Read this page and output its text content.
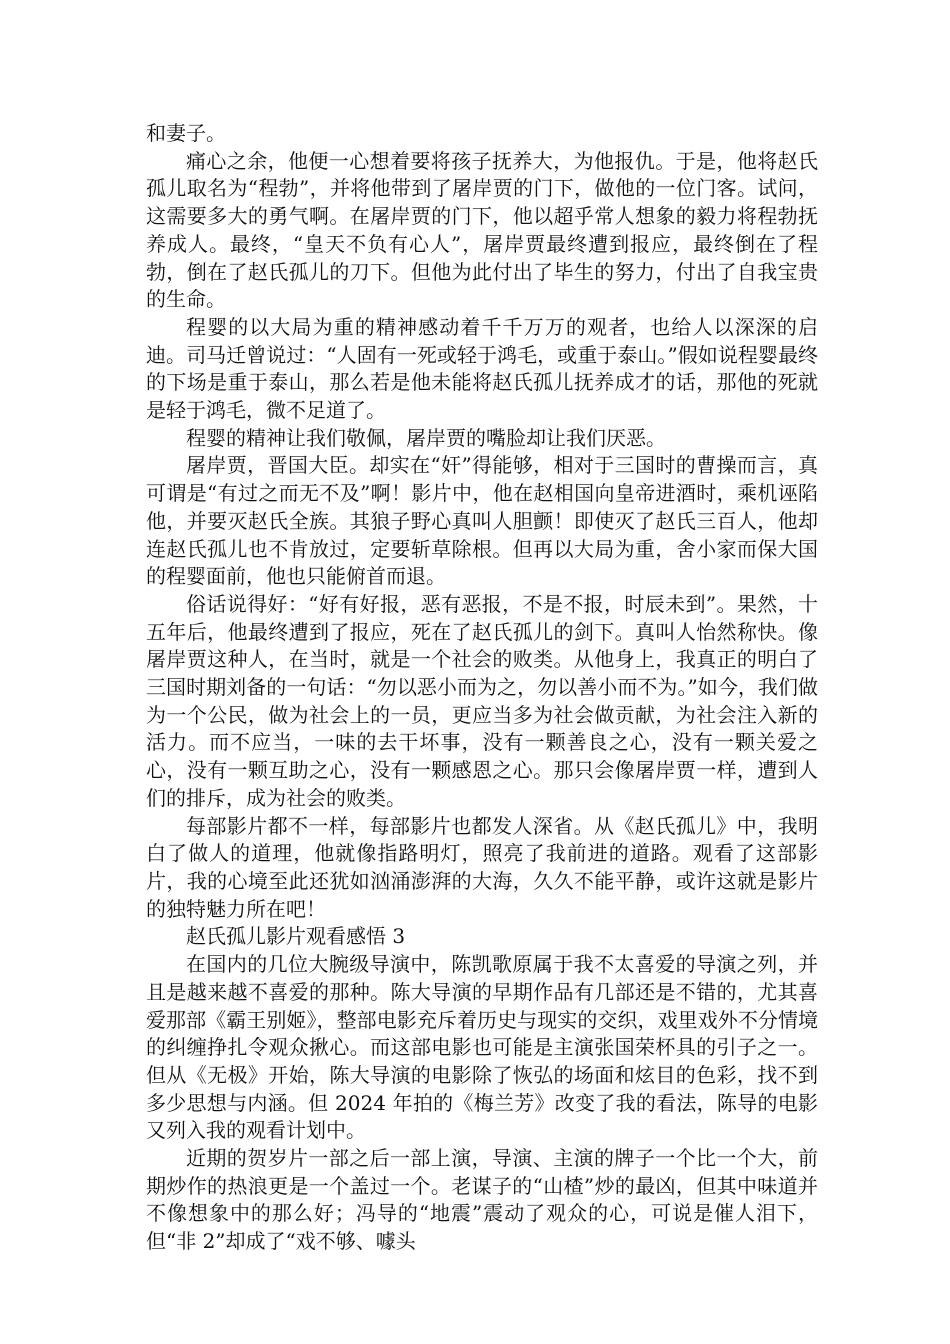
和妻子。

痛心之余，他便一心想着要将孩子抚养大，为他报仇。于是，他将赵氏孤儿取名为“程勃”，并将他带到了屠岸贾的门下，做他的一位门客。试问，这需要多大的勇气啊。在屠岸贾的门下，他以超乎常人想象的毅力将程勃抚养成人。最终，“皇天不负有心人”，屠岸贾最终遭到报应，最终倒在了程勃，倒在了赵氏孤儿的刀下。但他为此付出了毕生的努力，付出了自我宝贵的生命。

程婴的以大局为重的精神感动着千千万万的观者，也给人以深深的启迪。司马迁曾说过：“人固有一死或轻于鸿毛，或重于泰山。”假如说程婴最终的下场是重于泰山，那么若是他未能将赵氏孤儿抚养成才的话，那他的死就是轻于鸿毛，微不足道了。

程婴的精神让我们敬佩，屠岸贾的嘴脸却让我们厌恶。

屠岸贾，晋国大臣。却实在“奸”得能够，相对于三国时的曹操而言，真可谓是“有过之而无不及”啊！影片中，他在赵相国向皇帝进酒时，乘机诬陷他，并要灭赵氏全族。其狼子野心真叫人胆颤！即使灭了赵氏三百人，他却连赵氏孤儿也不肯放过，定要斩草除根。但再以大局为重，舍小家而保大国的程婴面前，他也只能俯首而退。

俗话说得好：“好有好报，恶有恶报，不是不报，时辰未到”。果然，十五年后，他最终遭到了报应，死在了赵氏孤儿的剑下。真叫人怡然称快。像屠岸贾这种人，在当时，就是一个社会的败类。从他身上，我真正的明白了三国时期刘备的一句话：“勿以恶小而为之，勿以善小而不为。”如今，我们做为一个公民，做为社会上的一员，更应当多为社会做贡献，为社会注入新的活力。而不应当，一味的去干坏事，没有一颗善良之心，没有一颗关爱之心，没有一颗互助之心，没有一颗感恩之心。那只会像屠岸贾一样，遭到人们的排斥，成为社会的败类。

每部影片都不一样，每部影片也都发人深省。从《赵氏孤儿》中，我明白了做人的道理，他就像指路明灯，照亮了我前进的道路。观看了这部影片，我的心境至此还犹如汹涌澎湃的大海，久久不能平静，或许这就是影片的独特魅力所在吧！

赵氏孤儿影片观看感悟 3

在国内的几位大腕级导演中，陈凯歌原属于我不太喜爱的导演之列，并且是越来越不喜爱的那种。陈大导演的早期作品有几部还是不错的，尤其喜爱那部《霸王别姬》，整部电影充斥着历史与现实的交织，戏里戏外不分情境的纠缠挣扎令观众揪心。而这部电影也可能是主演张国荣杯具的引子之一。但从《无极》开始，陈大导演的电影除了恢弘的场面和炫目的色彩，找不到多少思想与内涵。但 2024 年拍的《梅兰芳》改变了我的看法，陈导的电影又列入我的观看计划中。

近期的贺岁片一部之后一部上演，导演、主演的牌子一个比一个大，前期炒作的热浪更是一个盖过一个。老谋子的“山楂”炒的最凶，但其中味道并不像想象中的那么好；冯导的“地震”震动了观众的心，可说是催人泪下，但“非 2”却成了“戏不够、噱头
